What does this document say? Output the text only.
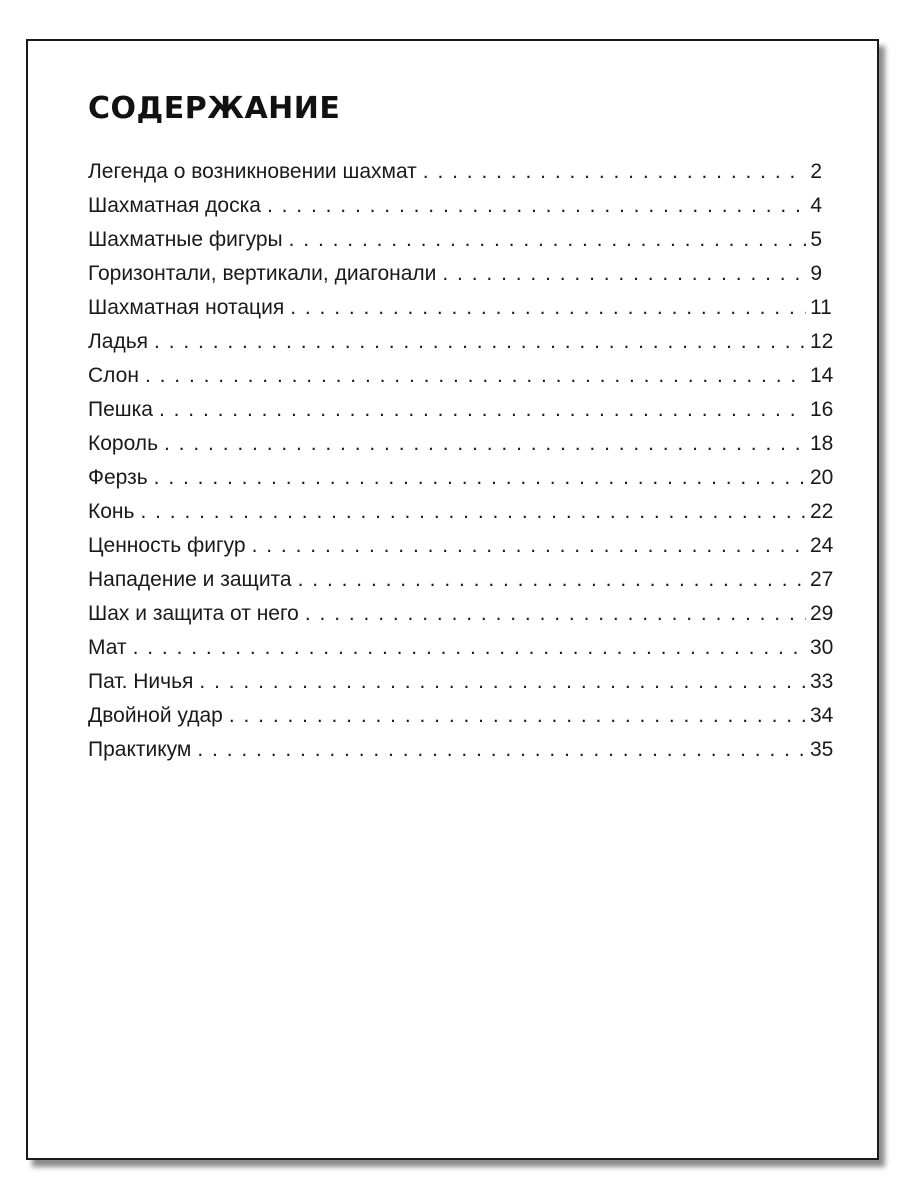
СОДЕРЖАНИЕ
Легенда о возникновении шахмат . . .	2
Шахматная доска . . .	4
Шахматные фигуры . . .	5
Горизонтали, вертикали, диагонали . . .	9
Шахматная нотация . . .	11
Ладья . . .	12
Слон . . .	14
Пешка . . .	16
Король . . .	18
Ферзь . . .	20
Конь . . .	22
Ценность фигур . . .	24
Нападение и защита . . .	27
Шах и защита от него . . .	29
Мат . . .	30
Пат. Ничья . . .	33
Двойной удар . . .	34
Практикум . . .	35
